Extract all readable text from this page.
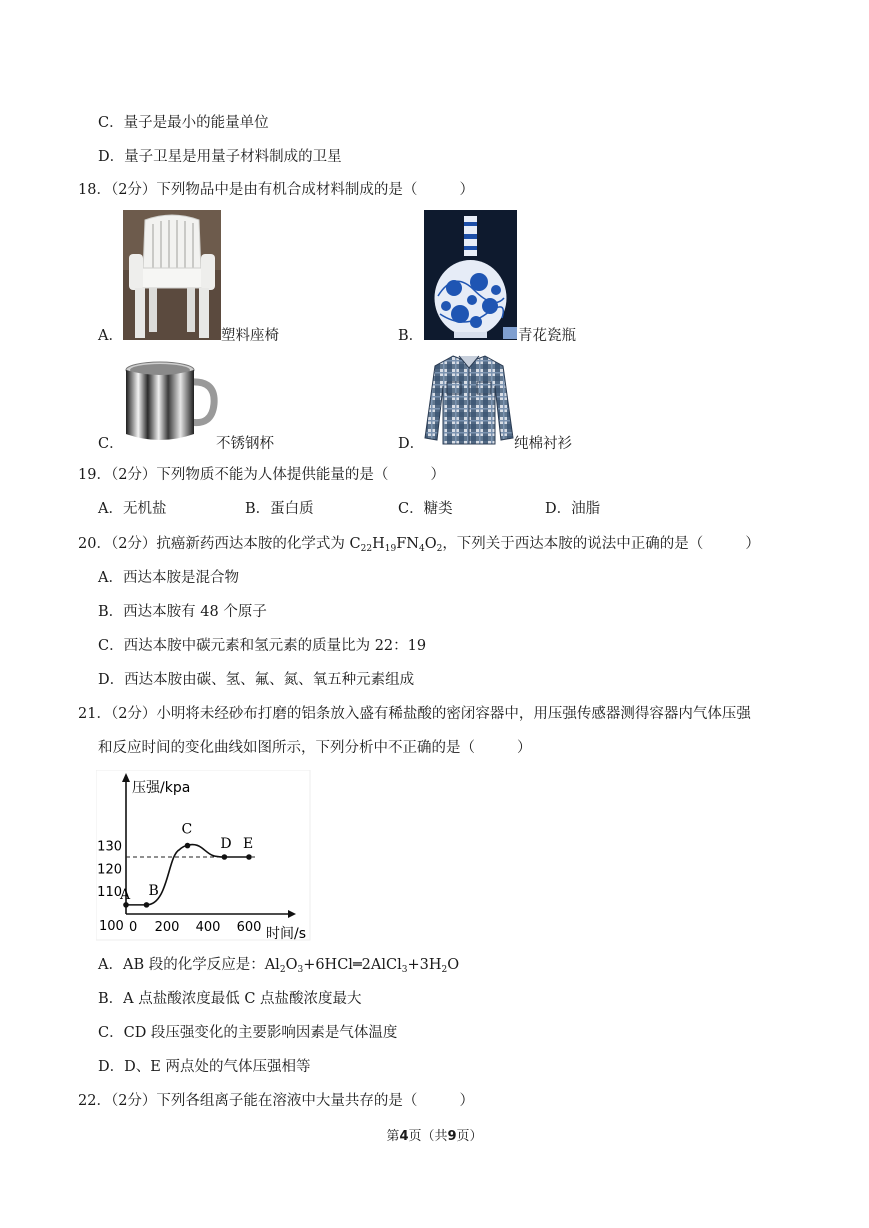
C．量子是最小的能量单位
D．量子卫星是用量子材料制成的卫星
18．（2分）下列物品中是由有机合成材料制成的是（	）
A．	塑料座椅	B．	青花瓷瓶
C．	不锈钢杯	D．	纯棉衬衫
19．（2分）下列物质不能为人体提供能量的是（	）
A．无机盐	B．蛋白质	C．糖类	D．油脂
20．（2分）抗癌新药西达本胺的化学式为 $C_{22}H_{19}FN_4O_2$，下列关于西达本胺的说法中正确的是（	）
A．西达本胺是混合物
B．西达本胺有 48 个原子
C．西达本胺中碳元素和氢元素的质量比为 22：19
D．西达本胺由碳、氢、氟、氮、氧五种元素组成
21．（2分）小明将未经砂布打磨的铝条放入盛有稀盐酸的密闭容器中，用压强传感器测得容器内气体压强
和反应时间的变化曲线如图所示，下列分析中不正确的是（	）
压强/kpa
时间/s
0 200 400 600
100
110
120
130
A B
C
D E
A．AB 段的化学反应是：$Al_2O_3+6HCl═2AlCl_3+3H_2O$
B．A 点盐酸浓度最低 C 点盐酸浓度最大
C．CD 段压强变化的主要影响因素是气体温度
D．D、E 两点处的气体压强相等
22．（2分）下列各组离子能在溶液中大量共存的是（	）
第4页（共9页）
